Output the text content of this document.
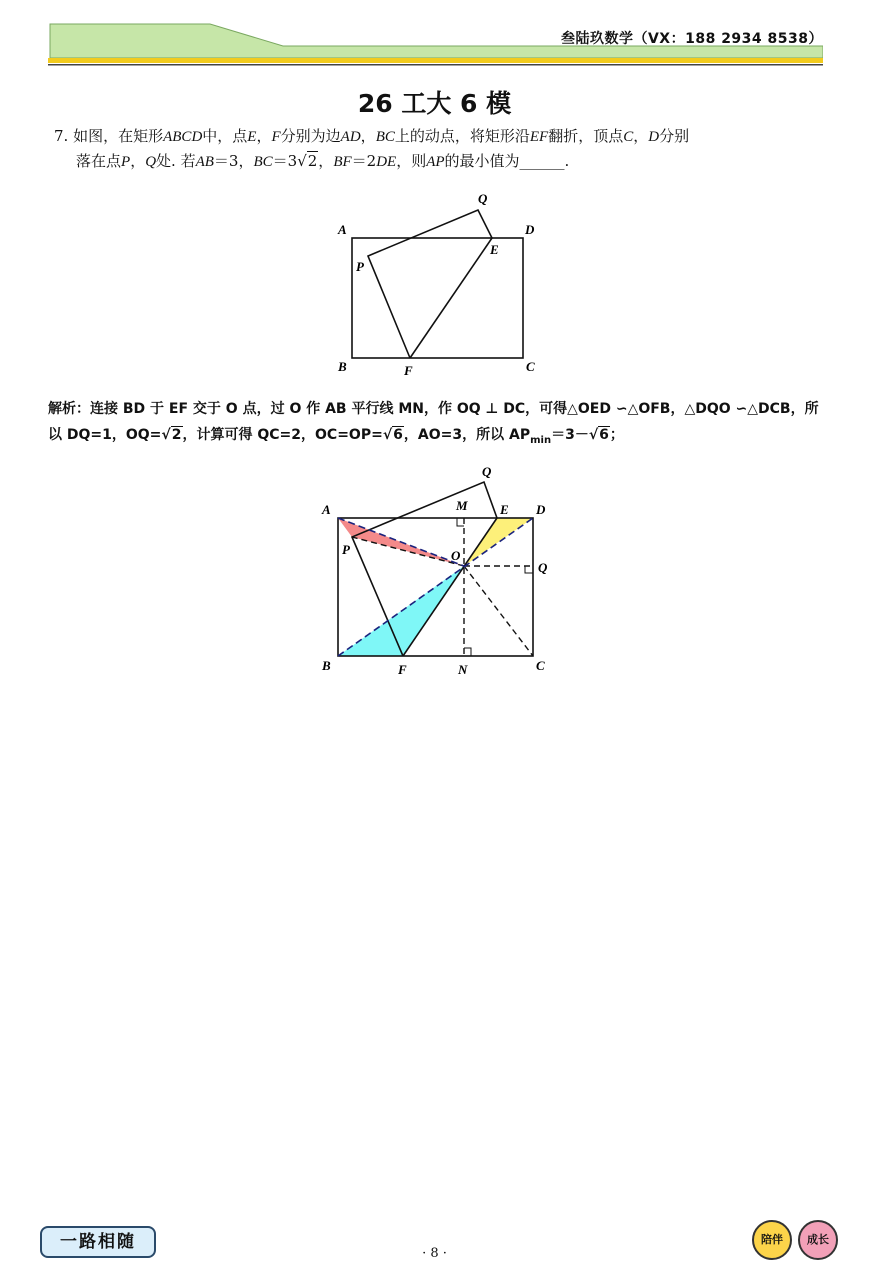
叁陆玖数学（VX：188 2934 8538）
26 工大 6 模
7. 如图，在矩形ABCD中，点E，F分别为边AD，BC上的动点，将矩形沿EF翻折，顶点C，D分别
落在点P，Q处. 若AB＝3，BC＝3√2，BF＝2DE，则AP的最小值为______.
A	D
Q
E
P
B	F	C
解析：连接 BD 于 EF 交于 O 点，过 O 作 AB 平行线 MN，作 OQ ⊥ DC，可得△OED ∽△OFB，△DQO ∽△DCB，所
以 DQ=1，OQ=√2，计算可得 QC=2，OC=OP=√6，AO=3，所以 $AP_{min}=3-√6$；
A	D
Q
M E
P	O
Q
B	F	N	C
一路相随
· 8 ·
陪伴	成长
